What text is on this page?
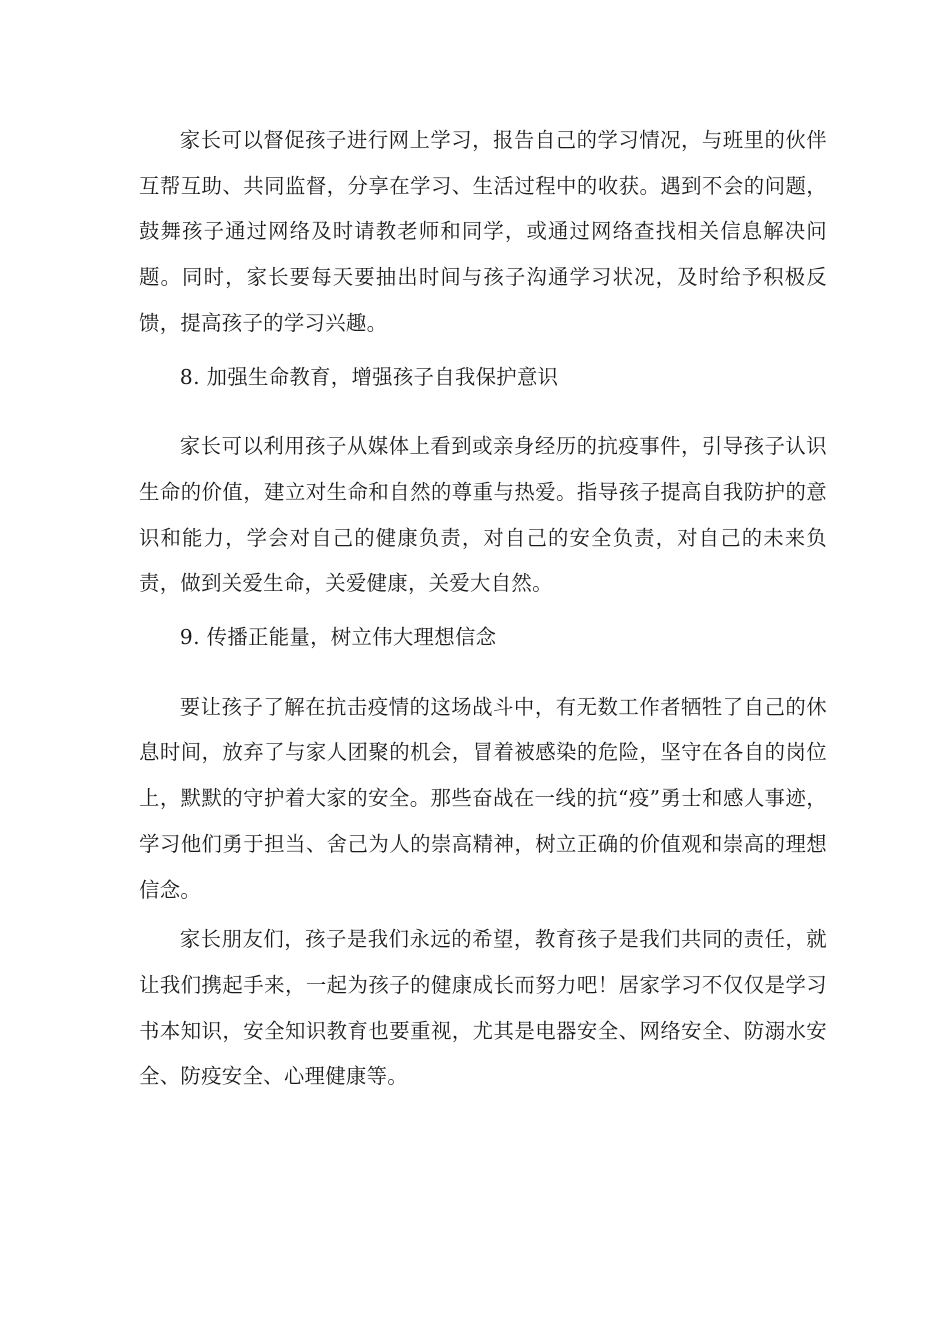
家长可以督促孩子进行网上学习，报告自己的学习情况，与班里的伙伴互帮互助、共同监督，分享在学习、生活过程中的收获。遇到不会的问题，鼓舞孩子通过网络及时请教老师和同学，或通过网络查找相关信息解决问题。同时，家长要每天要抽出时间与孩子沟通学习状况，及时给予积极反馈，提高孩子的学习兴趣。

8. 加强生命教育，增强孩子自我保护意识

家长可以利用孩子从媒体上看到或亲身经历的抗疫事件，引导孩子认识生命的价值，建立对生命和自然的尊重与热爱。指导孩子提高自我防护的意识和能力，学会对自己的健康负责，对自己的安全负责，对自己的未来负责，做到关爱生命，关爱健康，关爱大自然。

9. 传播正能量，树立伟大理想信念

要让孩子了解在抗击疫情的这场战斗中，有无数工作者牺牲了自己的休息时间，放弃了与家人团聚的机会，冒着被感染的危险，坚守在各自的岗位上，默默的守护着大家的安全。那些奋战在一线的抗“疫”勇士和感人事迹，学习他们勇于担当、舍己为人的崇高精神，树立正确的价值观和崇高的理想信念。

家长朋友们，孩子是我们永远的希望，教育孩子是我们共同的责任，就让我们携起手来，一起为孩子的健康成长而努力吧！居家学习不仅仅是学习书本知识，安全知识教育也要重视，尤其是电器安全、网络安全、防溺水安全、防疫安全、心理健康等。
